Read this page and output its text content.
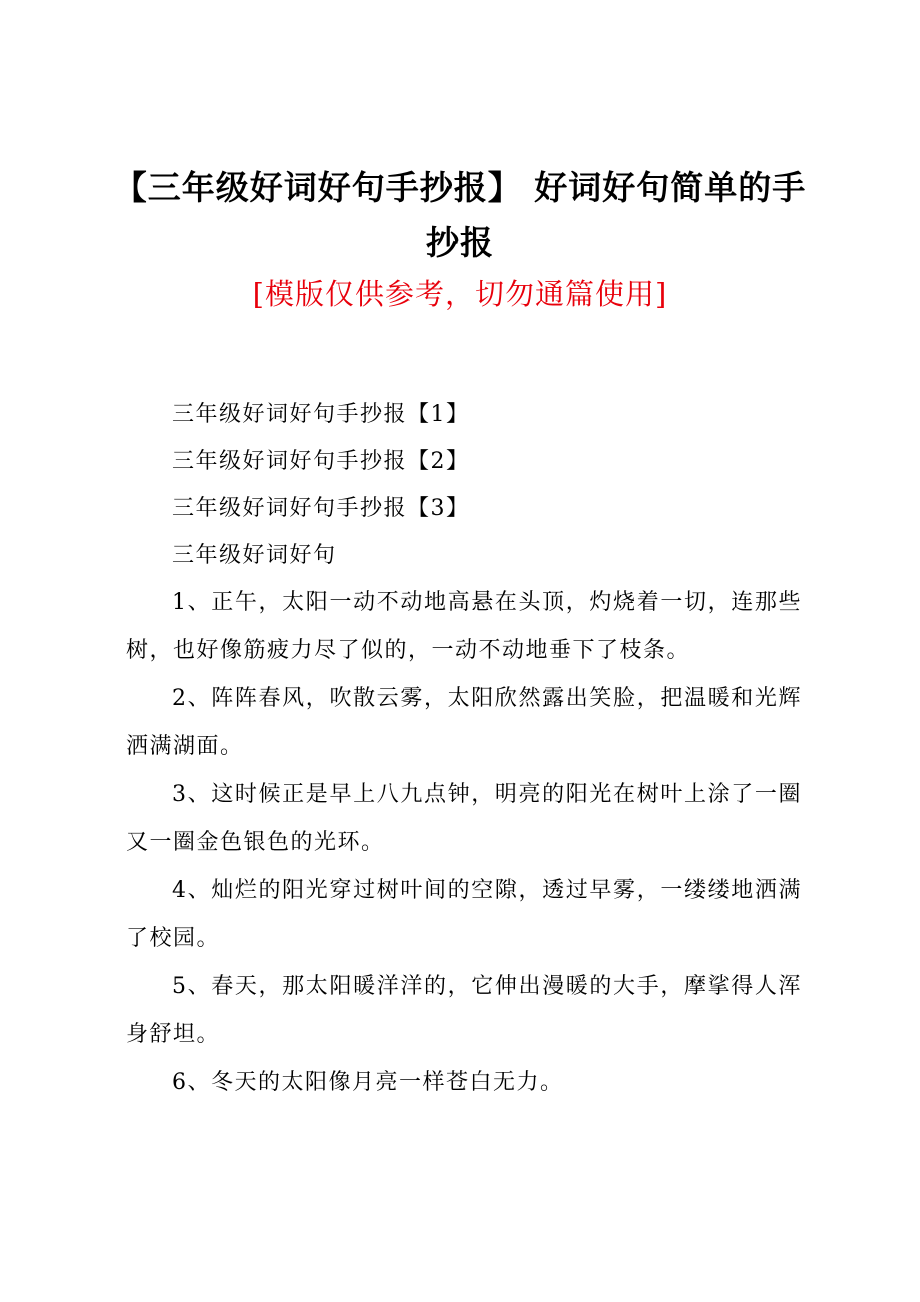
【三年级好词好句手抄报】 好词好句简单的手抄报

[模版仅供参考，切勿通篇使用]

三年级好词好句手抄报【1】
三年级好词好句手抄报【2】
三年级好词好句手抄报【3】
三年级好词好句

1、正午，太阳一动不动地高悬在头顶，灼烧着一切，连那些树，也好像筋疲力尽了似的，一动不动地垂下了枝条。

2、阵阵春风，吹散云雾，太阳欣然露出笑脸，把温暖和光辉洒满湖面。

3、这时候正是早上八九点钟，明亮的阳光在树叶上涂了一圈又一圈金色银色的光环。

4、灿烂的阳光穿过树叶间的空隙，透过早雾，一缕缕地洒满了校园。

5、春天，那太阳暖洋洋的，它伸出漫暖的大手，摩挲得人浑身舒坦。

6、冬天的太阳像月亮一样苍白无力。
